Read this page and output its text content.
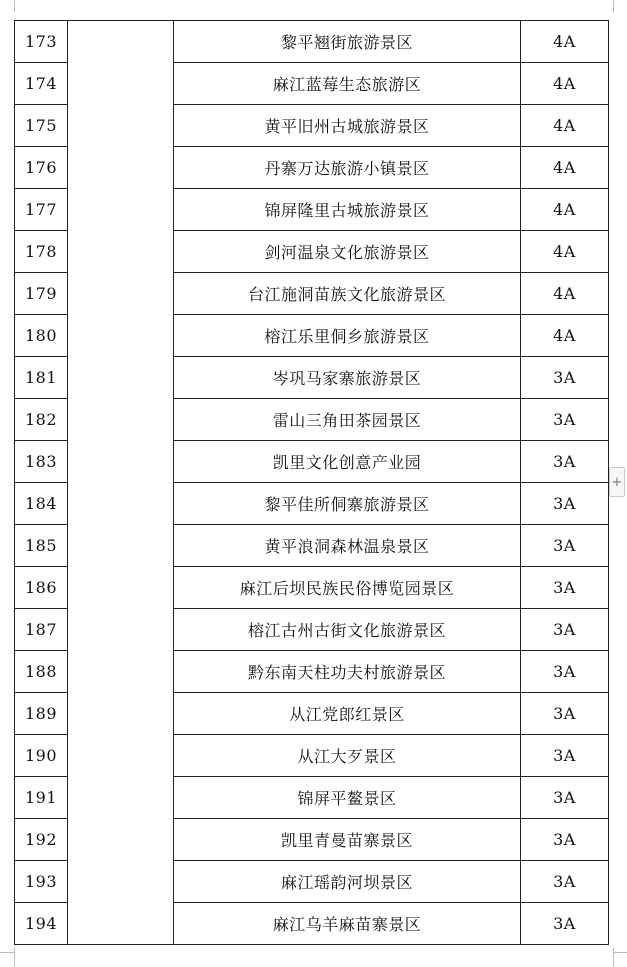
173		黎平翘街旅游景区	4A
174		麻江蓝莓生态旅游区	4A
175		黄平旧州古城旅游景区	4A
176		丹寨万达旅游小镇景区	4A
177		锦屏隆里古城旅游景区	4A
178		剑河温泉文化旅游景区	4A
179		台江施洞苗族文化旅游景区	4A
180		榕江乐里侗乡旅游景区	4A
181		岑巩马家寨旅游景区	3A
182		雷山三角田茶园景区	3A
183		凯里文化创意产业园	3A
184		黎平佳所侗寨旅游景区	3A
185		黄平浪洞森林温泉景区	3A
186		麻江后坝民族民俗博览园景区	3A
187		榕江古州古街文化旅游景区	3A
188		黔东南天柱功夫村旅游景区	3A
189		从江党郎红景区	3A
190		从江大歹景区	3A
191		锦屏平鳌景区	3A
192		凯里青曼苗寨景区	3A
193		麻江瑶韵河坝景区	3A
194		麻江乌羊麻苗寨景区	3A
+
